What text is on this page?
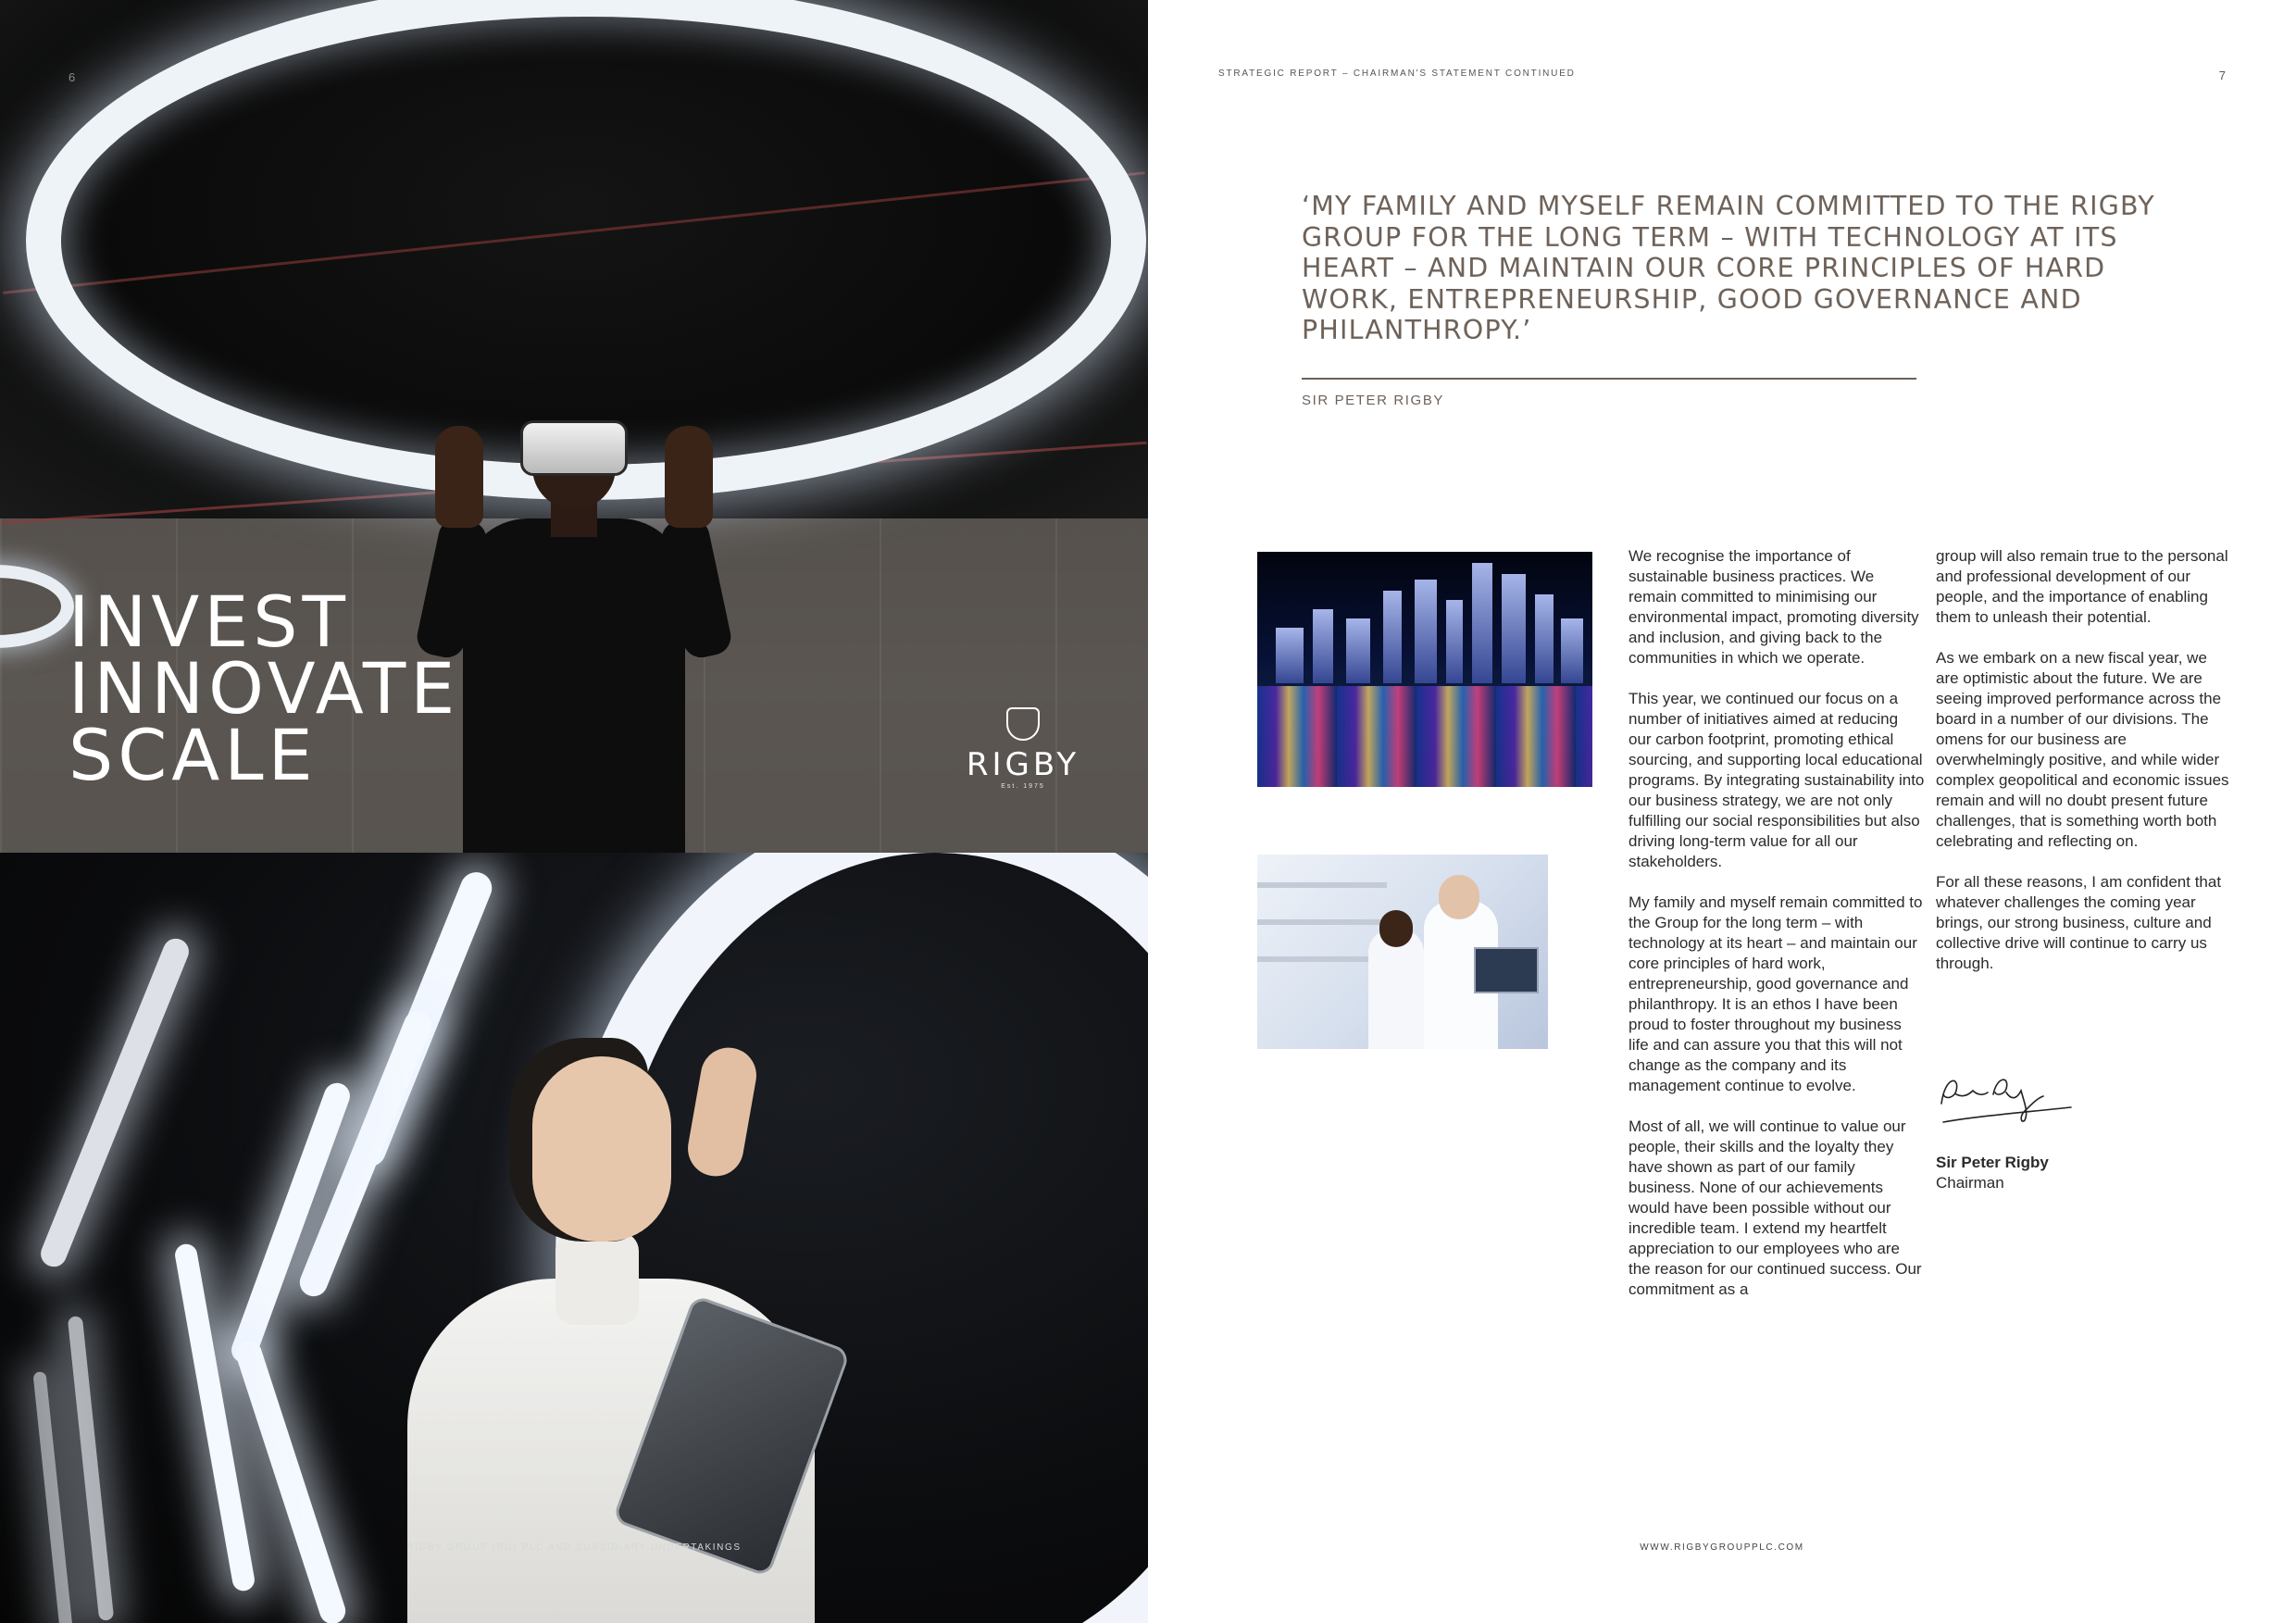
6
INVEST
INNOVATE
SCALE	RIGBY
Est. 1975
RIGBY GROUP (RG) PLC AND SUBSIDIARY UNDERTAKINGS
STRATEGIC REPORT – CHAIRMAN'S STATEMENT CONTINUED	7
‘MY FAMILY AND MYSELF REMAIN COMMITTED TO THE RIGBY GROUP FOR THE LONG TERM – WITH TECHNOLOGY AT ITS HEART – AND MAINTAIN OUR CORE PRINCIPLES OF HARD WORK, ENTREPRENEURSHIP, GOOD GOVERNANCE AND PHILANTHROPY.’
SIR PETER RIGBY

We recognise the importance of sustainable business practices. We remain committed to minimising our environmental impact, promoting diversity and inclusion, and giving back to the communities in which we operate.

This year, we continued our focus on a number of initiatives aimed at reducing our carbon footprint, promoting ethical sourcing, and supporting local educational programs. By integrating sustainability into our business strategy, we are not only fulfilling our social responsibilities but also driving long-term value for all our stakeholders.

My family and myself remain committed to the Group for the long term – with technology at its heart – and maintain our core principles of hard work, entrepreneurship, good governance and philanthropy. It is an ethos I have been proud to foster throughout my business life and can assure you that this will not change as the company and its management continue to evolve.

Most of all, we will continue to value our people, their skills and the loyalty they have shown as part of our family business. None of our achievements would have been possible without our incredible team. I extend my heartfelt appreciation to our employees who are the reason for our continued success. Our commitment as a

group will also remain true to the personal and professional development of our people, and the importance of enabling them to unleash their potential.

As we embark on a new fiscal year, we are optimistic about the future. We are seeing improved performance across the board in a number of our divisions. The omens for our business are overwhelmingly positive, and while wider complex geopolitical and economic issues remain and will no doubt present future challenges, that is something worth both celebrating and reflecting on.

For all these reasons, I am confident that whatever challenges the coming year brings, our strong business, culture and collective drive will continue to carry us through.

Sir Peter Rigby
Chairman
WWW.RIGBYGROUPPLC.COM
